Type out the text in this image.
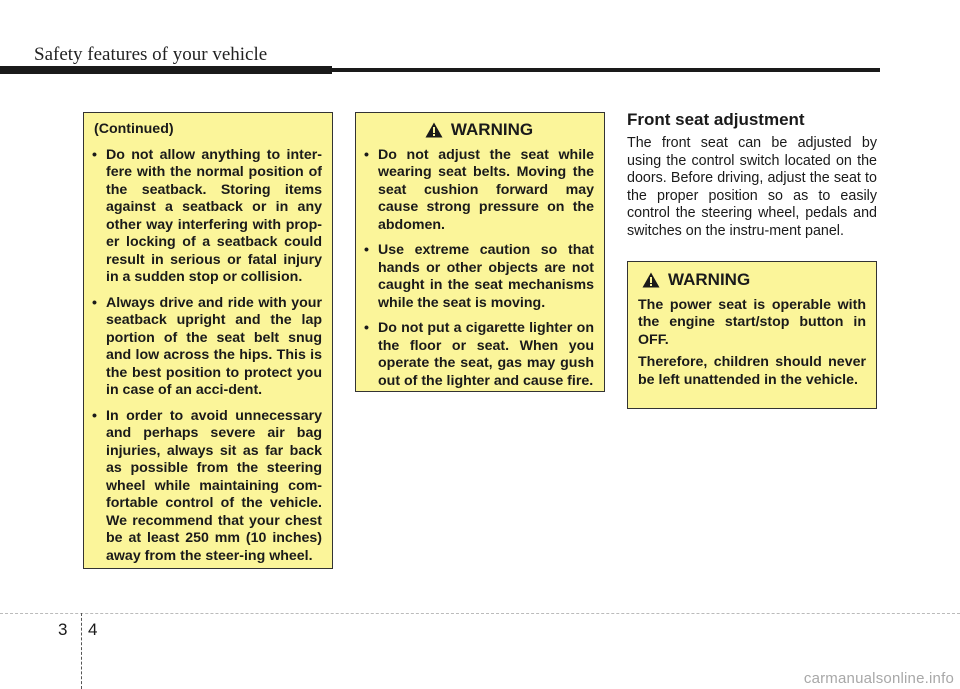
Safety features of your vehicle
(Continued)
• Do not allow anything to inter-fere with the normal position of the seatback. Storing items against a seatback or in any other way interfering with prop-er locking of a seatback could result in serious or fatal injury in a sudden stop or collision.
• Always drive and ride with your seatback upright and the lap portion of the seat belt snug and low across the hips. This is the best position to protect you in case of an acci-dent.
• In order to avoid unnecessary and perhaps severe air bag injuries, always sit as far back as possible from the steering wheel while maintaining com-fortable control of the vehicle. We recommend that your chest be at least 250 mm (10 inches) away from the steer-ing wheel.
WARNING
• Do not adjust the seat while wearing seat belts. Moving the seat cushion forward may cause strong pressure on the abdomen.
• Use extreme caution so that hands or other objects are not caught in the seat mechanisms while the seat is moving.
• Do not put a cigarette lighter on the floor or seat. When you operate the seat, gas may gush out of the lighter and cause fire.
Front seat adjustment

The front seat can be adjusted by using the control switch located on the doors. Before driving, adjust the seat to the proper position so as to easily control the steering wheel, pedals and switches on the instru-ment panel.

WARNING

The power seat is operable with the engine start/stop button in OFF.

Therefore, children should never be left unattended in the vehicle.

3 4
carmanualsonline.info
